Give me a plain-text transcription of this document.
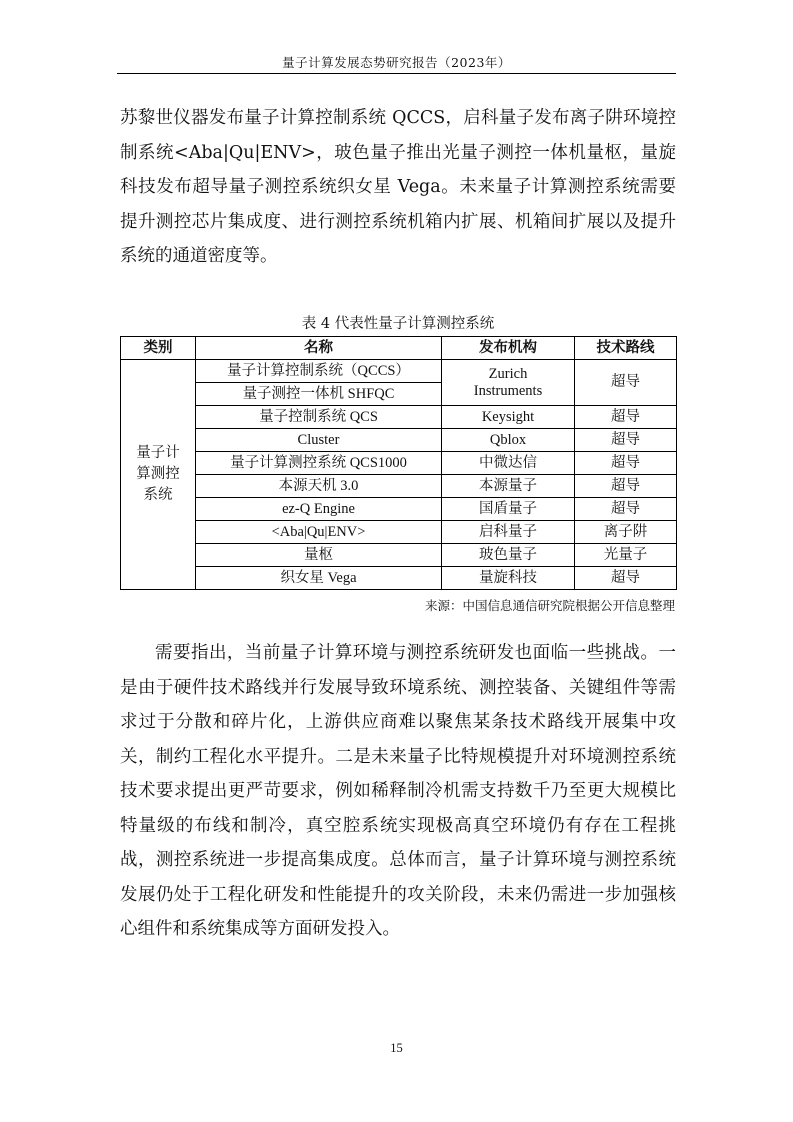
量子计算发展态势研究报告（2023年）

苏黎世仪器发布量子计算控制系统 QCCS，启科量子发布离子阱环境控制系统<Aba|Qu|ENV>，玻色量子推出光量子测控一体机量枢，量旋科技发布超导量子测控系统织女星 Vega。未来量子计算测控系统需要提升测控芯片集成度、进行测控系统机箱内扩展、机箱间扩展以及提升系统的通道密度等。

表 4 代表性量子计算测控系统
类别	名称	发布机构	技术路线
量子计
算测控
系统	量子计算控制系统（QCCS）	Zurich Instruments	超导
	量子测控一体机 SHFQC		
	量子控制系统 QCS	Keysight	超导
	Cluster	Qblox	超导
	量子计算测控系统 QCS1000	中微达信	超导
	本源天机 3.0	本源量子	超导
	ez-Q Engine	国盾量子	超导
	<Aba|Qu|ENV>	启科量子	离子阱
	量枢	玻色量子	光量子
	织女星 Vega	量旋科技	超导
来源：中国信息通信研究院根据公开信息整理

需要指出，当前量子计算环境与测控系统研发也面临一些挑战。一是由于硬件技术路线并行发展导致环境系统、测控装备、关键组件等需求过于分散和碎片化，上游供应商难以聚焦某条技术路线开展集中攻关，制约工程化水平提升。二是未来量子比特规模提升对环境测控系统技术要求提出更严苛要求，例如稀释制冷机需支持数千乃至更大规模比特量级的布线和制冷，真空腔系统实现极高真空环境仍有存在工程挑战，测控系统进一步提高集成度。总体而言，量子计算环境与测控系统发展仍处于工程化研发和性能提升的攻关阶段，未来仍需进一步加强核心组件和系统集成等方面研发投入。

15
